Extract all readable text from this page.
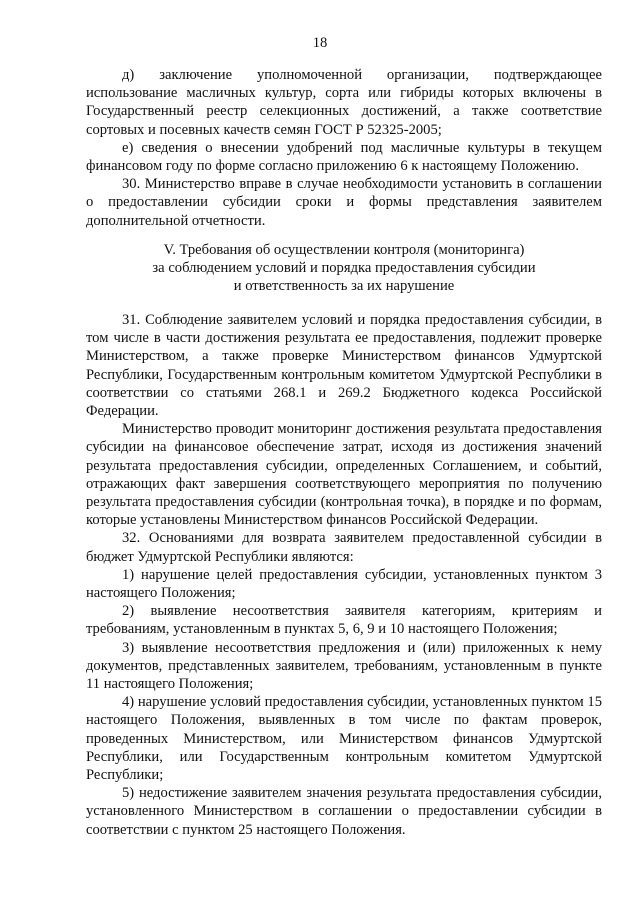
18

д) заключение уполномоченной организации, подтверждающее использование масличных культур, сорта или гибриды которых включены в Государственный реестр селекционных достижений, а также соответствие сортовых и посевных качеств семян ГОСТ Р 52325-2005;

е) сведения о внесении удобрений под масличные культуры в текущем финансовом году по форме согласно приложению 6 к настоящему Положению.

30. Министерство вправе в случае необходимости установить в соглашении о предоставлении субсидии сроки и формы представления заявителем дополнительной отчетности.

V. Требования об осуществлении контроля (мониторинга)

за соблюдением условий и порядка предоставления субсидии

и ответственность за их нарушение

31. Соблюдение заявителем условий и порядка предоставления субсидии, в том числе в части достижения результата ее предоставления, подлежит проверке Министерством, а также проверке Министерством финансов Удмуртской Республики, Государственным контрольным комитетом Удмуртской Республики в соответствии со статьями 268.1 и 269.2 Бюджетного кодекса Российской Федерации.

Министерство проводит мониторинг достижения результата предоставления субсидии на финансовое обеспечение затрат, исходя из достижения значений результата предоставления субсидии, определенных Соглашением, и событий, отражающих факт завершения соответствующего мероприятия по получению результата предоставления субсидии (контрольная точка), в порядке и по формам, которые установлены Министерством финансов Российской Федерации.

32. Основаниями для возврата заявителем предоставленной субсидии в бюджет Удмуртской Республики являются:

1) нарушение целей предоставления субсидии, установленных пунктом 3 настоящего Положения;

2) выявление несоответствия заявителя категориям, критериям и требованиям, установленным в пунктах 5, 6, 9 и 10 настоящего Положения;

3) выявление несоответствия предложения и (или) приложенных к нему документов, представленных заявителем, требованиям, установленным в пункте 11 настоящего Положения;

4) нарушение условий предоставления субсидии, установленных пунктом 15 настоящего Положения, выявленных в том числе по фактам проверок, проведенных Министерством, или Министерством финансов Удмуртской Республики, или Государственным контрольным комитетом Удмуртской Республики;

5) недостижение заявителем значения результата предоставления субсидии, установленного Министерством в соглашении о предоставлении субсидии в соответствии с пунктом 25 настоящего Положения.
